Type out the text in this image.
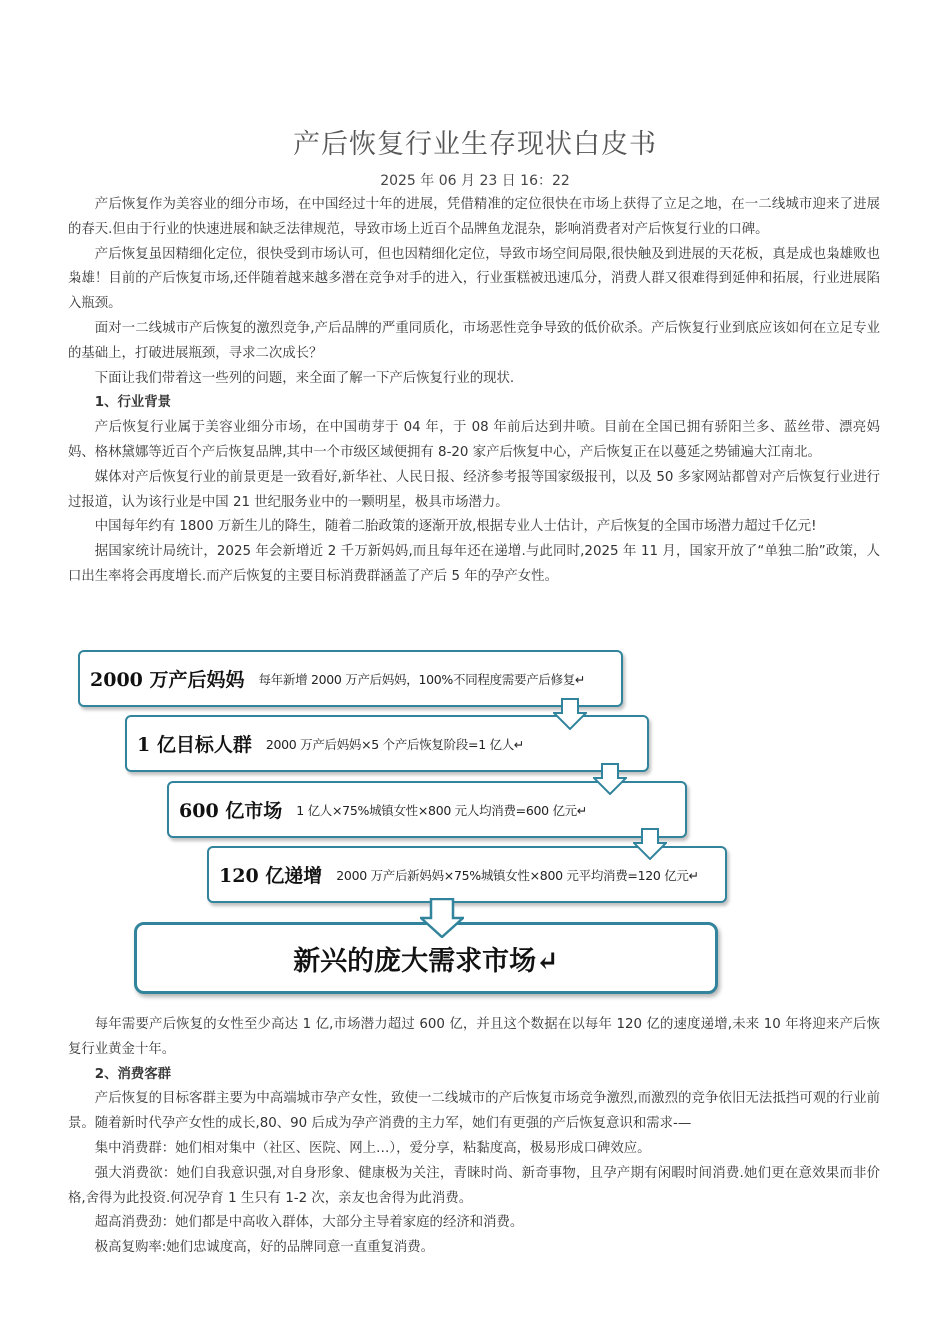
产后恢复行业生存现状白皮书
2025 年 06 月 23 日 16：22

产后恢复作为美容业的细分市场，在中国经过十年的进展，凭借精准的定位很快在市场上获得了立足之地，在一二线城市迎来了进展的春天.但由于行业的快速进展和缺乏法律规范，导致市场上近百个品牌鱼龙混杂，影响消费者对产后恢复行业的口碑。

产后恢复虽因精细化定位，很快受到市场认可，但也因精细化定位，导致市场空间局限,很快触及到进展的天花板，真是成也枭雄败也枭雄！目前的产后恢复市场,还伴随着越来越多潜在竞争对手的进入，行业蛋糕被迅速瓜分，消费人群又很难得到延伸和拓展，行业进展陷入瓶颈。

面对一二线城市产后恢复的激烈竞争,产后品牌的严重同质化，市场恶性竞争导致的低价砍杀。产后恢复行业到底应该如何在立足专业的基础上，打破进展瓶颈，寻求二次成长？

下面让我们带着这一些列的问题，来全面了解一下产后恢复行业的现状.

1、行业背景

产后恢复行业属于美容业细分市场，在中国萌芽于 04 年，于 08 年前后达到井喷。目前在全国已拥有骄阳兰多、蓝丝带、漂亮妈妈、格林黛娜等近百个产后恢复品牌,其中一个市级区域便拥有 8-20 家产后恢复中心，产后恢复正在以蔓延之势铺遍大江南北。

媒体对产后恢复行业的前景更是一致看好,新华社、人民日报、经济参考报等国家级报刊，以及 50 多家网站都曾对产后恢复行业进行过报道，认为该行业是中国 21 世纪服务业中的一颗明星，极具市场潜力。

中国每年约有 1800 万新生儿的降生，随着二胎政策的逐渐开放,根据专业人士估计，产后恢复的全国市场潜力超过千亿元!

据国家统计局统计，2025 年会新增近 2 千万新妈妈,而且每年还在递增.与此同时,2025 年 11 月，国家开放了“单独二胎”政策，人口出生率将会再度增长.而产后恢复的主要目标消费群涵盖了产后 5 年的孕产女性。

2000 万产后妈妈 每年新增 2000 万产后妈妈，100%不同程度需要产后修复↵
1 亿目标人群 2000 万产后妈妈×5 个产后恢复阶段=1 亿人↵
600 亿市场 1 亿人×75%城镇女性×800 元人均消费=600 亿元↵
120 亿递增 2000 万产后新妈妈×75%城镇女性×800 元平均消费=120 亿元↵
新兴的庞大需求市场↵

每年需要产后恢复的女性至少高达 1 亿,市场潜力超过 600 亿，并且这个数据在以每年 120 亿的速度递增,未来 10 年将迎来产后恢复行业黄金十年。

2、消费客群

产后恢复的目标客群主要为中高端城市孕产女性，致使一二线城市的产后恢复市场竞争激烈,而激烈的竞争依旧无法抵挡可观的行业前景。随着新时代孕产女性的成长,80、90 后成为孕产消费的主力军，她们有更强的产后恢复意识和需求-—

集中消费群：她们相对集中（社区、医院、网上…），爱分享，粘黏度高，极易形成口碑效应。

强大消费欲：她们自我意识强,对自身形象、健康极为关注，青睐时尚、新奇事物，且孕产期有闲暇时间消费.她们更在意效果而非价格,舍得为此投资.何况孕育 1 生只有 1-2 次，亲友也舍得为此消费。

超高消费劲：她们都是中高收入群体，大部分主导着家庭的经济和消费。

极高复购率:她们忠诚度高，好的品牌同意一直重复消费。
